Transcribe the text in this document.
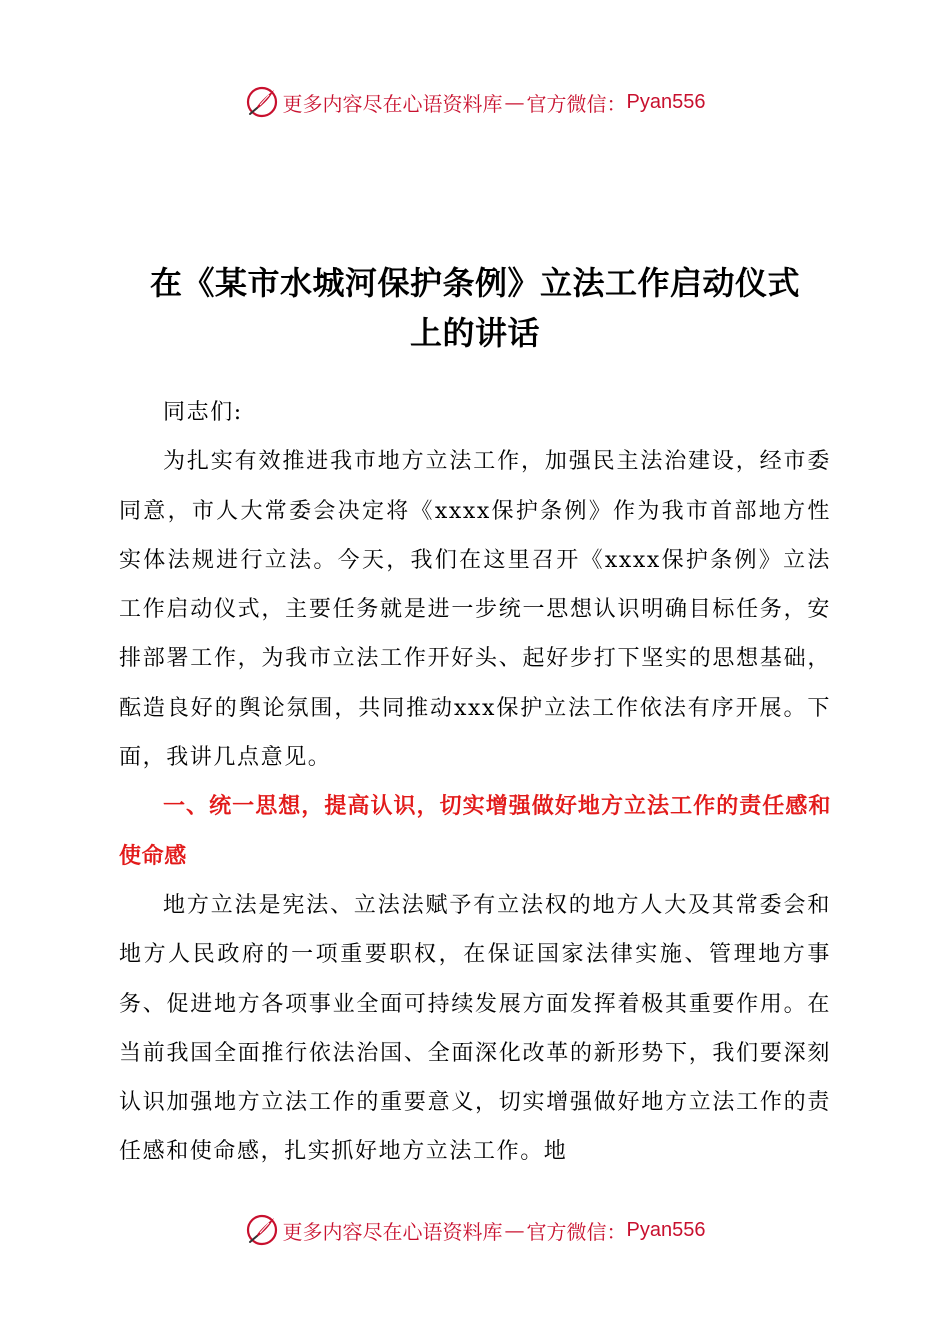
更多内容尽在心语资料库 — 官方微信： Pyan556
在《某市水城河保护条例》立法工作启动仪式
上的讲话

同志们:

为扎实有效推进我市地方立法工作，加强民主法治建设，经市委同意，市人大常委会决定将《xxxx保护条例》作为我市首部地方性实体法规进行立法。今天，我们在这里召开《xxxx保护条例》立法工作启动仪式，主要任务就是进一步统一思想认识明确目标任务，安排部署工作，为我市立法工作开好头、起好步打下坚实的思想基础，酝造良好的舆论氛围，共同推动xxx保护立法工作依法有序开展。下面，我讲几点意见。

一、统一思想，提高认识，切实增强做好地方立法工作的责任感和使命感

地方立法是宪法、立法法赋予有立法权的地方人大及其常委会和地方人民政府的一项重要职权，在保证国家法律实施、管理地方事务、促进地方各项事业全面可持续发展方面发挥着极其重要作用。在当前我国全面推行依法治国、全面深化改革的新形势下，我们要深刻认识加强地方立法工作的重要意义，切实增强做好地方立法工作的责任感和使命感，扎实抓好地方立法工作。地

更多内容尽在心语资料库 — 官方微信： Pyan556
